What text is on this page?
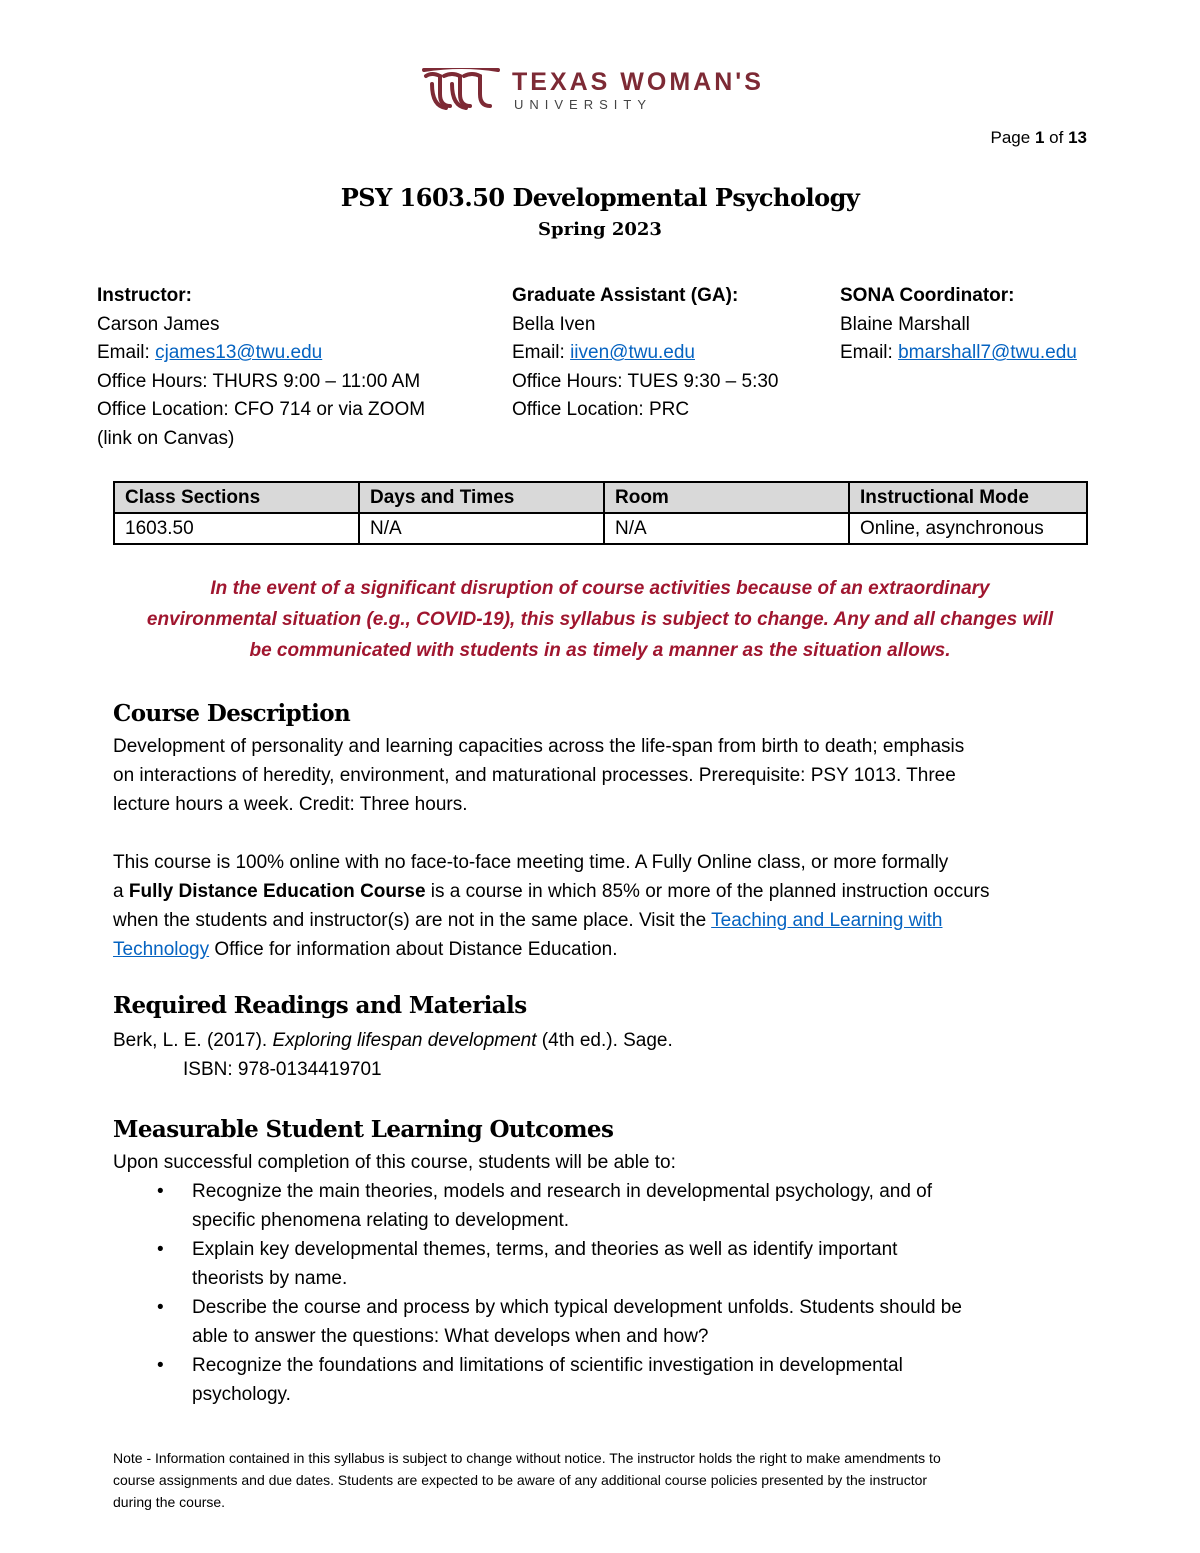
TEXAS WOMAN'S
UNIVERSITY
Page 1 of 13
PSY 1603.50 Developmental Psychology
Spring 2023
Instructor:
Carson James
Email: cjames13@twu.edu
Office Hours: THURS 9:00 – 11:00 AM
Office Location: CFO 714 or via ZOOM
(link on Canvas)
Graduate Assistant (GA):
Bella Iven
Email: iiven@twu.edu
Office Hours: TUES 9:30 – 5:30
Office Location: PRC
SONA Coordinator:
Blaine Marshall
Email: bmarshall7@twu.edu
Class Sections	Days and Times	Room	Instructional Mode
1603.50	N/A	N/A	Online, asynchronous
In the event of a significant disruption of course activities because of an extraordinary
environmental situation (e.g., COVID-19), this syllabus is subject to change. Any and all changes will
be communicated with students in as timely a manner as the situation allows.
Course Description
Development of personality and learning capacities across the life-span from birth to death; emphasis
on interactions of heredity, environment, and maturational processes. Prerequisite: PSY 1013. Three
lecture hours a week. Credit: Three hours.
This course is 100% online with no face-to-face meeting time. A Fully Online class, or more formally
a Fully Distance Education Course is a course in which 85% or more of the planned instruction occurs
when the students and instructor(s) are not in the same place. Visit the Teaching and Learning with
Technology Office for information about Distance Education.
Required Readings and Materials
Berk, L. E. (2017). Exploring lifespan development (4th ed.). Sage.
ISBN: 978-0134419701
Measurable Student Learning Outcomes
Upon successful completion of this course, students will be able to:
• Recognize the main theories, models and research in developmental psychology, and of
specific phenomena relating to development.
• Explain key developmental themes, terms, and theories as well as identify important
theorists by name.
• Describe the course and process by which typical development unfolds. Students should be
able to answer the questions: What develops when and how?
• Recognize the foundations and limitations of scientific investigation in developmental
psychology.
Note - Information contained in this syllabus is subject to change without notice. The instructor holds the right to make amendments to
course assignments and due dates. Students are expected to be aware of any additional course policies presented by the instructor
during the course.
